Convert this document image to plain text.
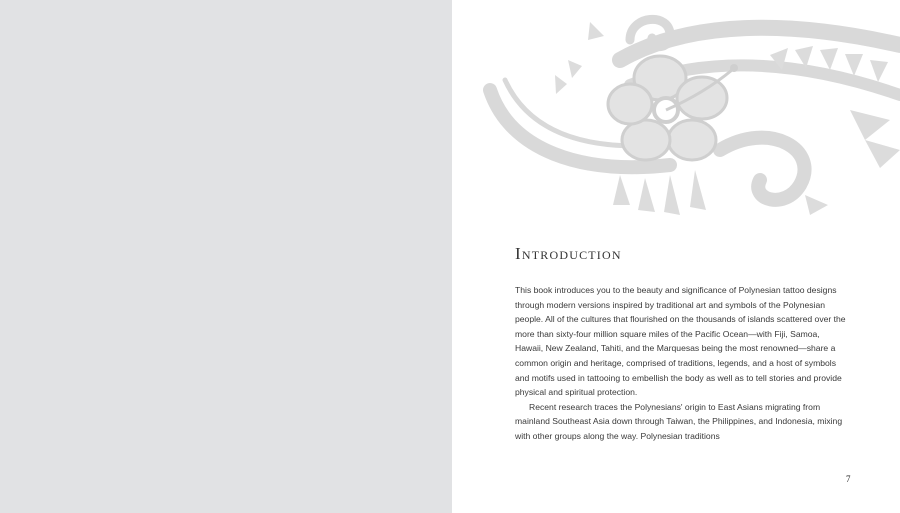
Introduction

This book introduces you to the beauty and significance of Polynesian tattoo designs through modern versions inspired by traditional art and symbols of the Polynesian people. All of the cultures that flourished on the thousands of islands scattered over the more than sixty-four million square miles of the Pacific Ocean—with Fiji, Samoa, Hawaii, New Zealand, Tahiti, and the Marquesas being the most renowned—share a common origin and heritage, comprised of traditions, legends, and a host of symbols and motifs used in tattooing to embellish the body as well as to tell stories and provide physical and spiritual protection.

Recent research traces the Polynesians' origin to East Asians migrating from mainland Southeast Asia down through Taiwan, the Philippines, and Indonesia, mixing with other groups along the way. Polynesian traditions

7
